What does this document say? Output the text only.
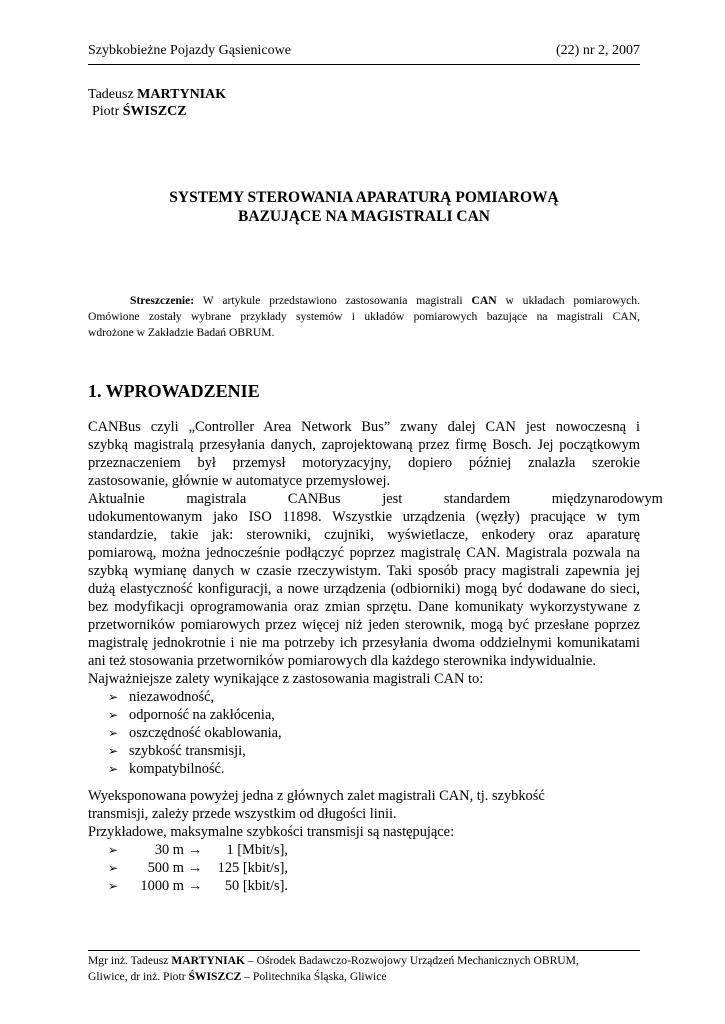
Szybkobieżne Pojazdy Gąsienicowe	(22) nr 2, 2007
Tadeusz MARTYNIAK
Piotr ŚWISZCZ
SYSTEMY STEROWANIA APARATURĄ POMIAROWĄ
BAZUJĄCE NA MAGISTRALI CAN

Streszczenie: W artykule przedstawiono zastosowania magistrali CAN w układach pomiarowych.

Omówione zostały wybrane przykłady systemów i układów pomiarowych bazujące na magistrali CAN,

wdrożone w Zakładzie Badań OBRUM.

1. WPROWADZENIE
CANBus czyli „Controller Area Network Bus” zwany dalej CAN jest nowoczesną i
szybką magistralą przesyłania danych, zaprojektowaną przez firmę Bosch. Jej początkowym
przeznaczeniem był przemysł motoryzacyjny, dopiero później znalazła szerokie
zastosowanie, głównie w automatyce przemysłowej.
Aktualnie magistrala CANBus jest standardem międzynarodowym
udokumentowanym jako ISO 11898. Wszystkie urządzenia (węzły) pracujące w tym
standardzie, takie jak: sterowniki, czujniki, wyświetlacze, enkodery oraz aparaturę
pomiarową, można jednocześnie podłączyć poprzez magistralę CAN. Magistrala pozwala na
szybką wymianę danych w czasie rzeczywistym. Taki sposób pracy magistrali zapewnia jej
dużą elastyczność konfiguracji, a nowe urządzenia (odbiorniki) mogą być dodawane do sieci,
bez modyfikacji oprogramowania oraz zmian sprzętu. Dane komunikaty wykorzystywane z
przetworników pomiarowych przez więcej niż jeden sterownik, mogą być przesłane poprzez
magistralę jednokrotnie i nie ma potrzeby ich przesyłania dwoma oddzielnymi komunikatami
ani też stosowania przetworników pomiarowych dla każdego sterownika indywidualnie.
Najważniejsze zalety wynikające z zastosowania magistrali CAN to:
➢ niezawodność,
➢ odporność na zakłócenia,
➢ oszczędność okablowania,
➢ szybkość transmisji,
➢ kompatybilność.
Wyeksponowana powyżej jedna z głównych zalet magistrali CAN, tj. szybkość
transmisji, zależy przede wszystkim od długości linii.
Przykładowe, maksymalne szybkości transmisji są następujące:
➢	30 m →	1 [Mbit/s],
➢	500 m →	125 [kbit/s],
➢	1000 m →	50 [kbit/s].
Mgr inż. Tadeusz MARTYNIAK – Ośrodek Badawczo-Rozwojowy Urządzeń Mechanicznych OBRUM,
Gliwice, dr inż. Piotr ŚWISZCZ – Politechnika Śląska, Gliwice
